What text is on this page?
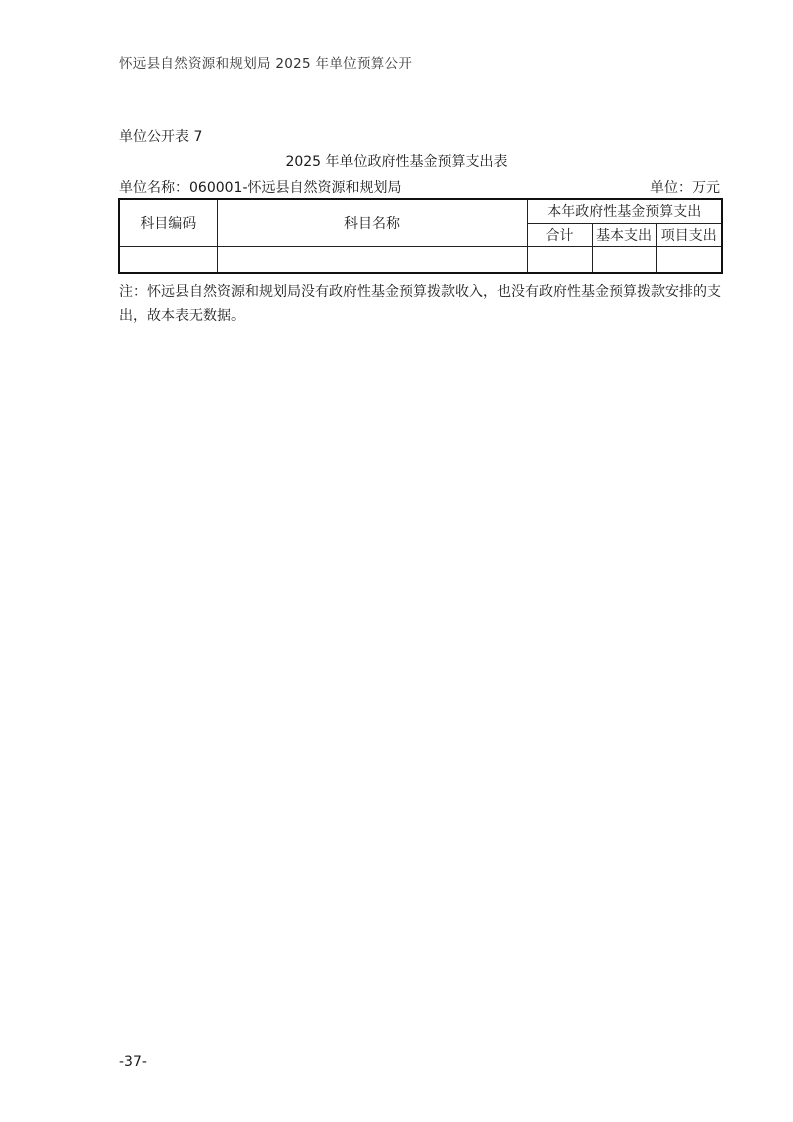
怀远县自然资源和规划局 2025 年单位预算公开
单位公开表 7
2025 年单位政府性基金预算支出表
单位名称：060001-怀远县自然资源和规划局	单位：万元
科目编码	科目名称	本年政府性基金预算支出		
		合计	基本支出	项目支出

注：怀远县自然资源和规划局没有政府性基金预算拨款收入，也没有政府性基金预算拨款安排的支出，故本表无数据。
-37-
